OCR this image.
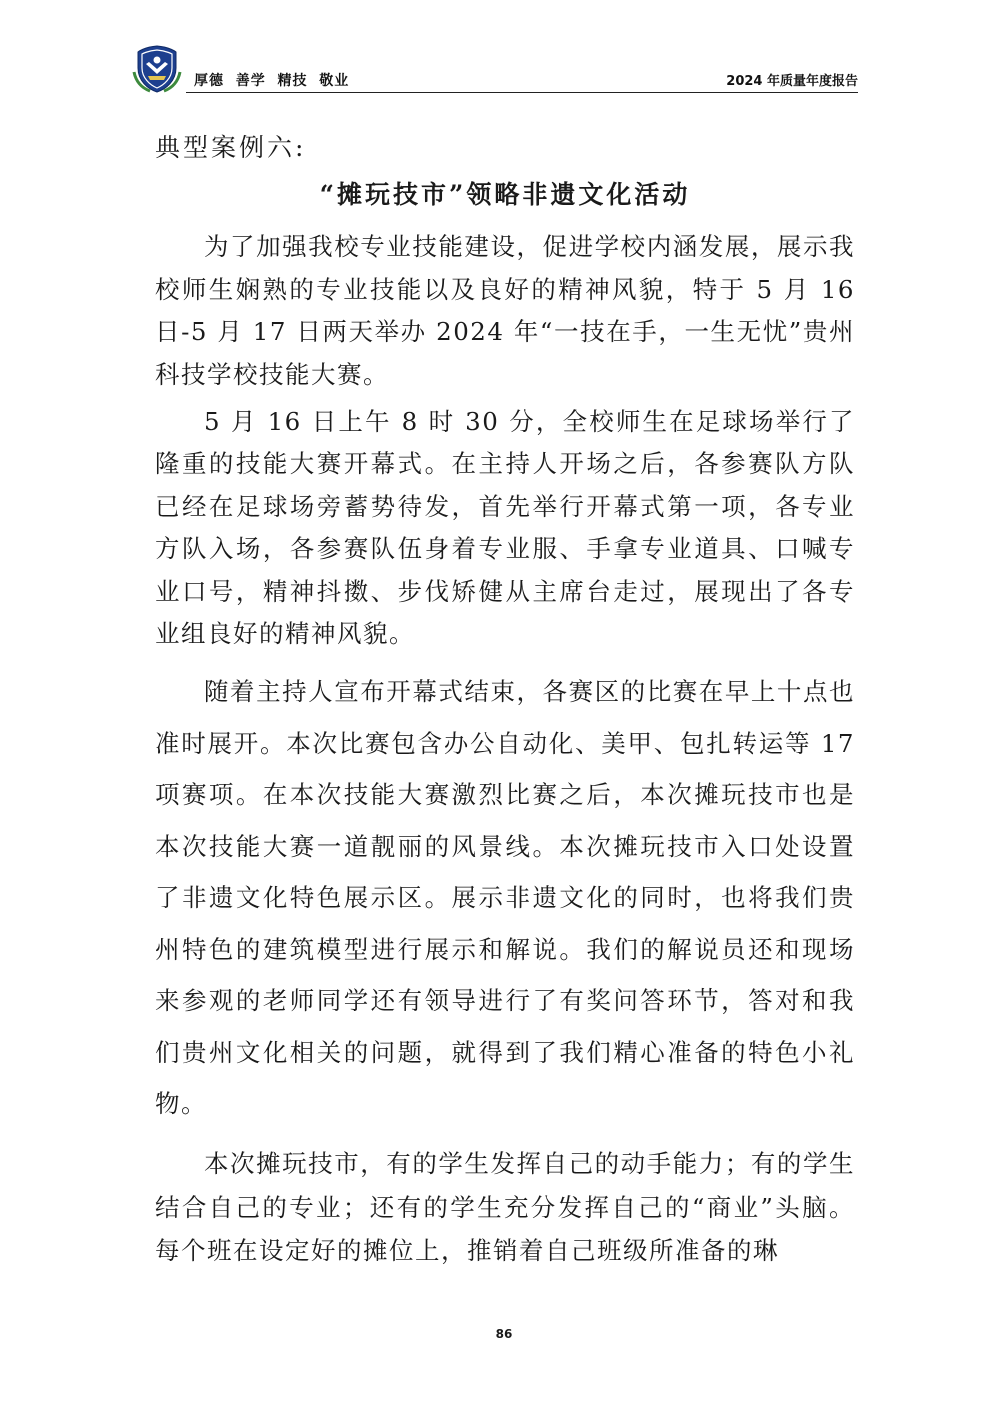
厚德  善学  精技  敬业	2024 年质量年度报告
典型案例六:
“摊玩技市”领略非遗文化活动

为了加强我校专业技能建设，促进学校内涵发展，展示我校师生娴熟的专业技能以及良好的精神风貌，特于 5 月 16 日-5 月 17 日两天举办 2024 年“一技在手，一生无忧”贵州科技学校技能大赛。

5 月 16 日上午 8 时 30 分，全校师生在足球场举行了隆重的技能大赛开幕式。在主持人开场之后，各参赛队方队已经在足球场旁蓄势待发，首先举行开幕式第一项，各专业方队入场，各参赛队伍身着专业服、手拿专业道具、口喊专业口号，精神抖擞、步伐矫健从主席台走过，展现出了各专业组良好的精神风貌。

随着主持人宣布开幕式结束，各赛区的比赛在早上十点也准时展开。本次比赛包含办公自动化、美甲、包扎转运等 17 项赛项。在本次技能大赛激烈比赛之后，本次摊玩技市也是本次技能大赛一道靓丽的风景线。本次摊玩技市入口处设置了非遗文化特色展示区。展示非遗文化的同时，也将我们贵州特色的建筑模型进行展示和解说。我们的解说员还和现场来参观的老师同学还有领导进行了有奖问答环节，答对和我们贵州文化相关的问题，就得到了我们精心准备的特色小礼物。

本次摊玩技市，有的学生发挥自己的动手能力；有的学生结合自己的专业；还有的学生充分发挥自己的“商业”头脑。每个班在设定好的摊位上，推销着自己班级所准备的琳

86
